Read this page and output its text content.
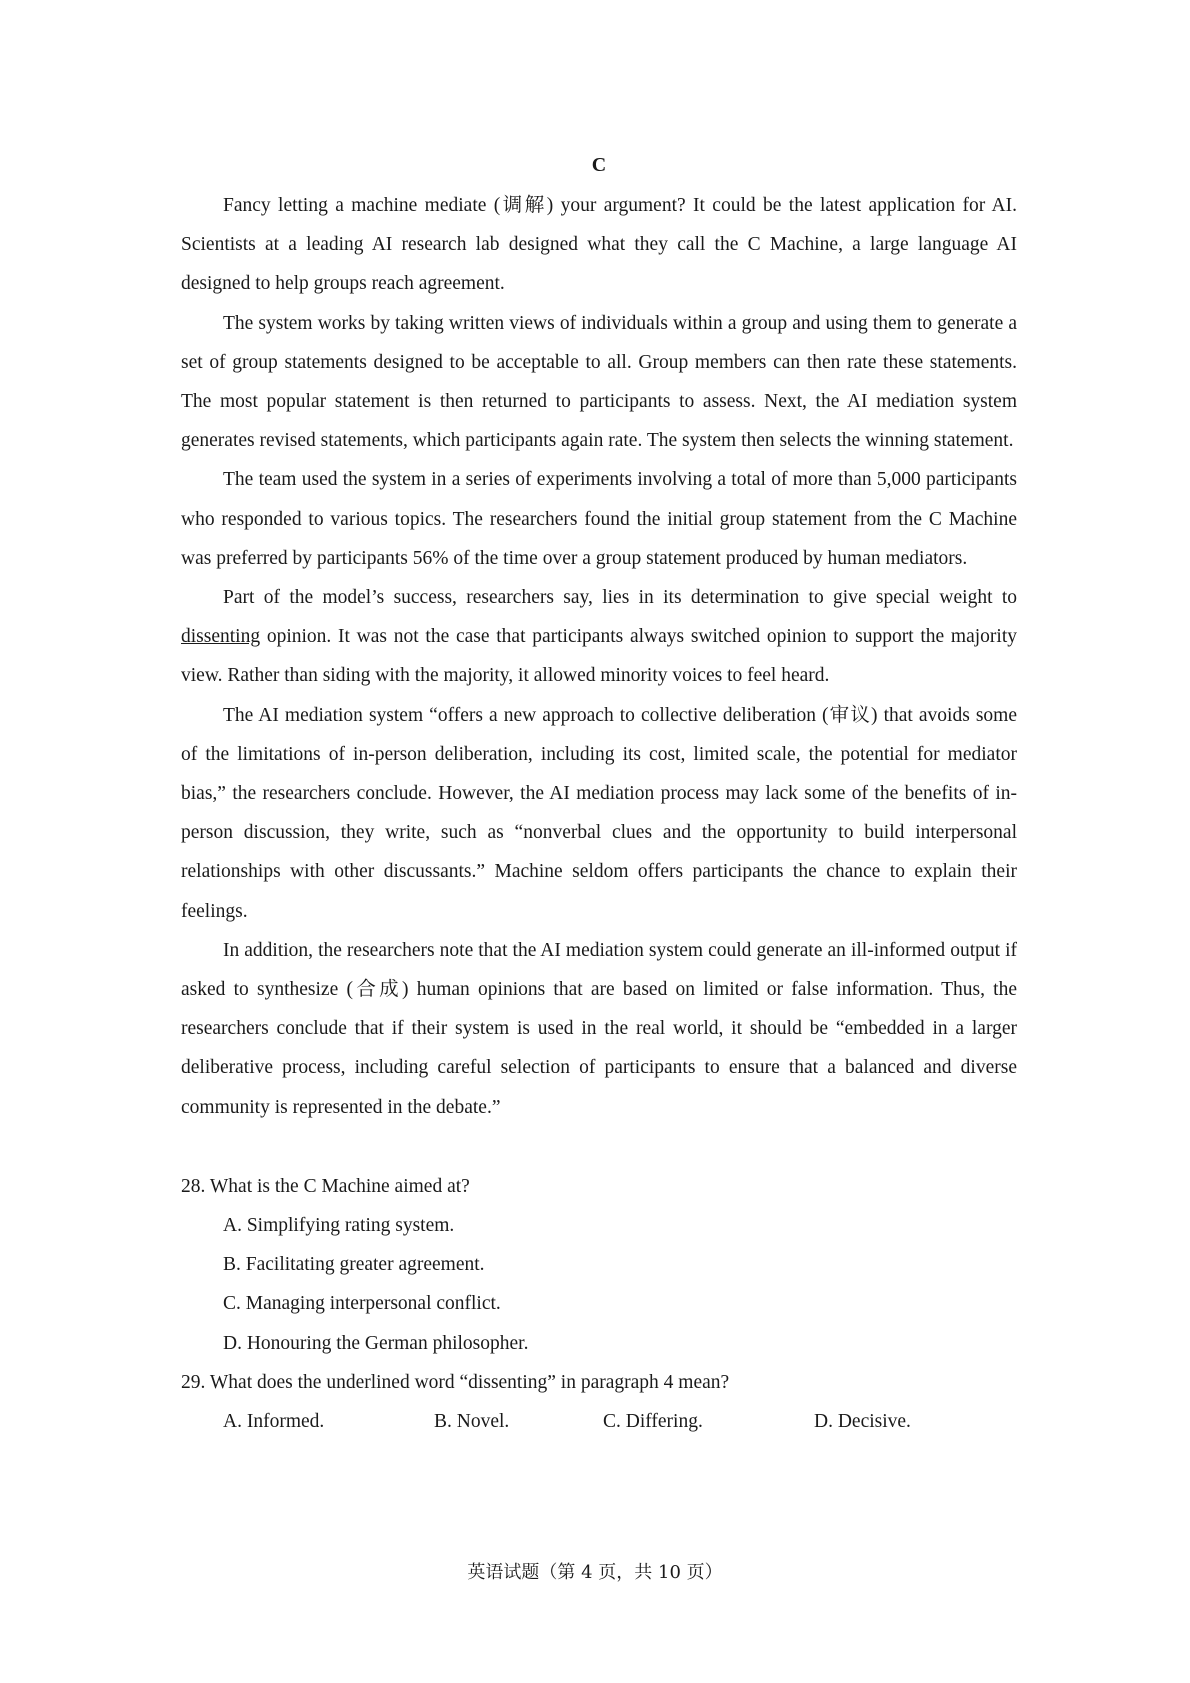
C

Fancy letting a machine mediate (调解) your argument? It could be the latest application for AI. Scientists at a leading AI research lab designed what they call the C Machine, a large language AI designed to help groups reach agreement.

The system works by taking written views of individuals within a group and using them to generate a set of group statements designed to be acceptable to all. Group members can then rate these statements. The most popular statement is then returned to participants to assess. Next, the AI mediation system generates revised statements, which participants again rate. The system then selects the winning statement.

The team used the system in a series of experiments involving a total of more than 5,000 participants who responded to various topics. The researchers found the initial group statement from the C Machine was preferred by participants 56% of the time over a group statement produced by human mediators.

Part of the model’s success, researchers say, lies in its determination to give special weight to dissenting opinion. It was not the case that participants always switched opinion to support the majority view. Rather than siding with the majority, it allowed minority voices to feel heard.

The AI mediation system “offers a new approach to collective deliberation (审议) that avoids some of the limitations of in-person deliberation, including its cost, limited scale, the potential for mediator bias,” the researchers conclude. However, the AI mediation process may lack some of the benefits of in-person discussion, they write, such as “nonverbal clues and the opportunity to build interpersonal relationships with other discussants.” Machine seldom offers participants the chance to explain their feelings.

In addition, the researchers note that the AI mediation system could generate an ill-informed output if asked to synthesize (合成) human opinions that are based on limited or false information. Thus, the researchers conclude that if their system is used in the real world, it should be “embedded in a larger deliberative process, including careful selection of participants to ensure that a balanced and diverse community is represented in the debate.”

28. What is the C Machine aimed at?

A. Simplifying rating system.

B. Facilitating greater agreement.

C. Managing interpersonal conflict.

D. Honouring the German philosopher.

29. What does the underlined word “dissenting” in paragraph 4 mean?

A. Informed.	B. Novel.	C. Differing.	D. Decisive.
英语试题（第 4 页，共 10 页）
